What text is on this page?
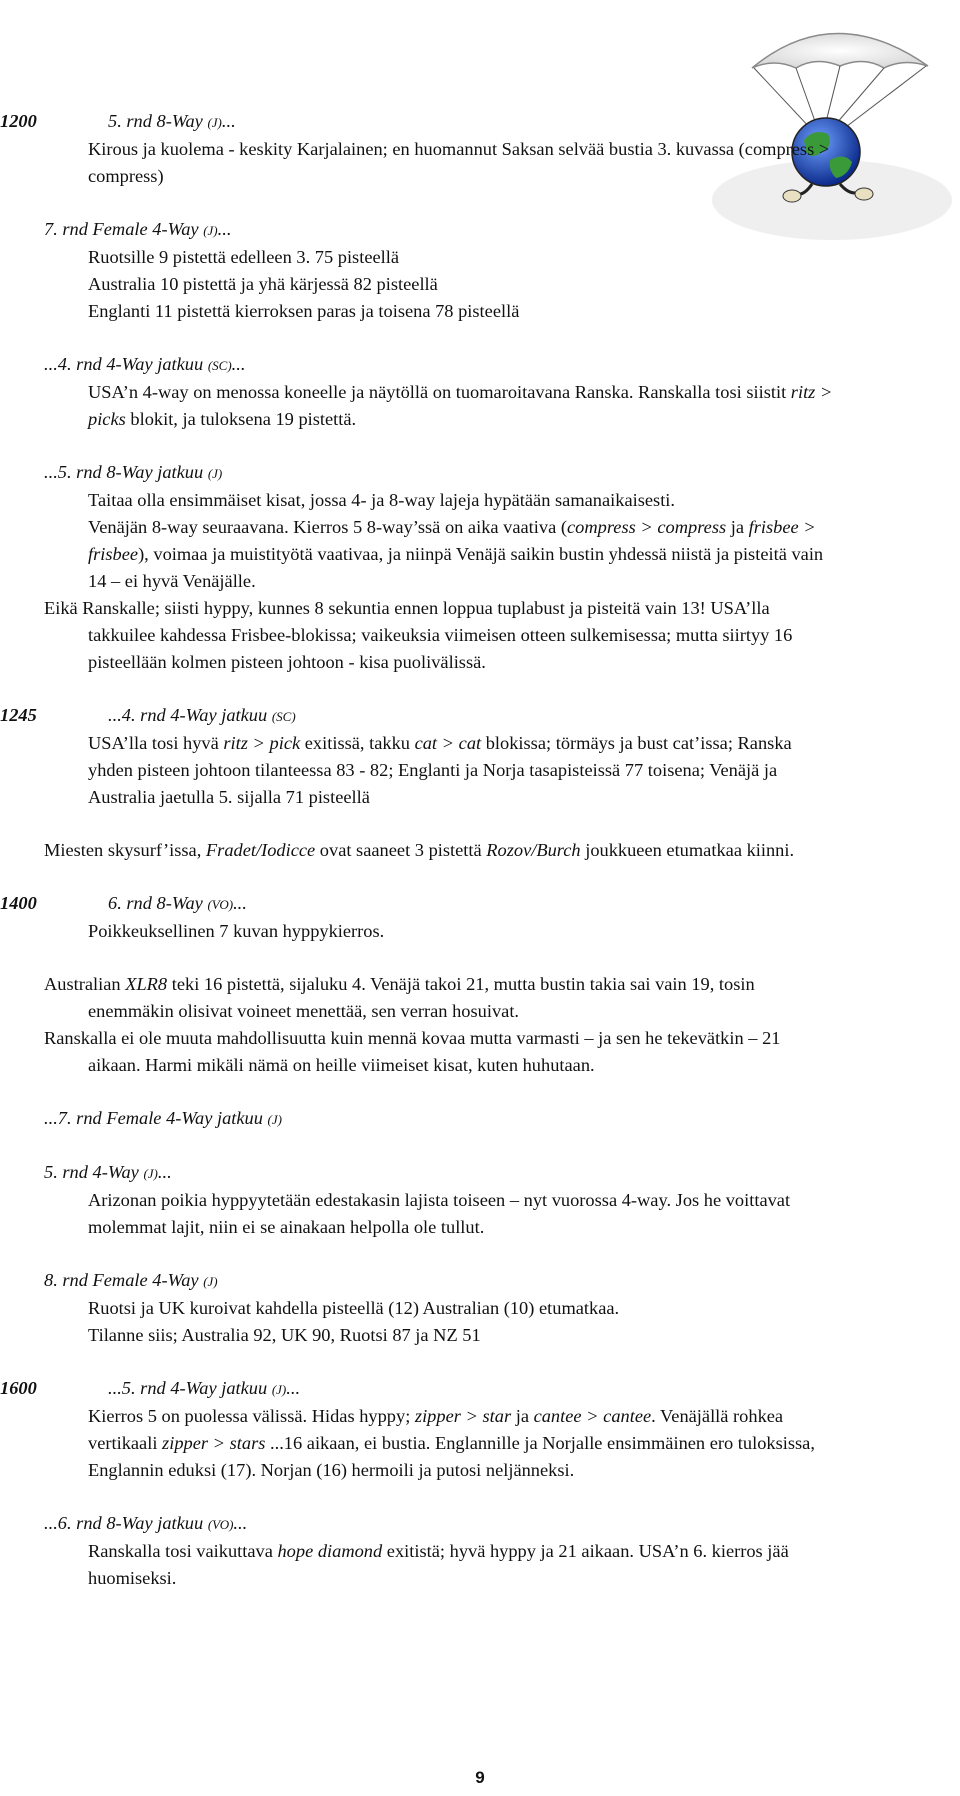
1200	5. rnd 8-Way (J)...
Kirous ja kuolema - keskity Karjalainen; en huomannut Saksan selvää bustia 3. kuvassa (compress > compress)

7. rnd Female 4-Way (J)...
Ruotsille 9 pistettä edelleen 3. 75 pisteellä
Australia 10 pistettä ja yhä kärjessä 82 pisteellä
Englanti 11 pistettä kierroksen paras ja toisena 78 pisteellä

...4. rnd 4-Way jatkuu (SC)...
USA’n 4-way on menossa koneelle ja näytöllä on tuomaroitavana Ranska. Ranskalla tosi siistit ritz > picks blokit, ja tuloksena 19 pistettä.

...5. rnd 8-Way jatkuu (J)
Taitaa olla ensimmäiset kisat, jossa 4- ja 8-way lajeja hypätään samanaikaisesti.
Venäjän 8-way seuraavana. Kierros 5 8-way’ssä on aika vaativa (compress > compress ja frisbee > frisbee), voimaa ja muistityötä vaativaa, ja niinpä Venäjä saikin bustin yhdessä niistä ja pisteitä vain 14 – ei hyvä Venäjälle.

Eikä Ranskalle; siisti hyppy, kunnes 8 sekuntia ennen loppua tuplabust ja pisteitä vain 13! USA’lla takkuilee kahdessa Frisbee-blokissa; vaikeuksia viimeisen otteen sulkemisessa; mutta siirtyy 16 pisteellään kolmen pisteen johtoon - kisa puolivälissä.

1245	...4. rnd 4-Way jatkuu (SC)
USA’lla tosi hyvä ritz > pick exitissä, takku cat > cat blokissa; törmäys ja bust cat’issa; Ranska yhden pisteen johtoon tilanteessa 83 - 82; Englanti ja Norja tasapisteissä 77 toisena; Venäjä ja Australia jaetulla 5. sijalla 71 pisteellä

Miesten skysurf’issa, Fradet/Iodicce ovat saaneet 3 pistettä Rozov/Burch joukkueen etumatkaa kiinni.

1400	6. rnd 8-Way (VO)...
Poikkeuksellinen 7 kuvan hyppykierros.

Australian XLR8 teki 16 pistettä, sijaluku 4. Venäjä takoi 21, mutta bustin takia sai vain 19, tosin enemmäkin olisivat voineet menettää, sen verran hosuivat.

Ranskalla ei ole muuta mahdollisuutta kuin mennä kovaa mutta varmasti – ja sen he tekevätkin – 21 aikaan. Harmi mikäli nämä on heille viimeiset kisat, kuten huhutaan.

...7. rnd Female 4-Way jatkuu (J)

5. rnd 4-Way (J)...
Arizonan poikia hyppyytetään edestakasin lajista toiseen – nyt vuorossa 4-way. Jos he voittavat molemmat lajit, niin ei se ainakaan helpolla ole tullut.

8. rnd Female 4-Way (J)
Ruotsi ja UK kuroivat kahdella pisteellä (12) Australian (10) etumatkaa.
Tilanne siis; Australia 92, UK 90, Ruotsi 87 ja NZ 51

1600	...5. rnd 4-Way jatkuu (J)...
Kierros 5 on puolessa välissä. Hidas hyppy; zipper > star ja cantee > cantee. Venäjällä rohkea vertikaali zipper > stars ...16 aikaan, ei bustia. Englannille ja Norjalle ensimmäinen ero tuloksissa, Englannin eduksi (17). Norjan (16) hermoili ja putosi neljänneksi.

...6. rnd 8-Way jatkuu (VO)...
Ranskalla tosi vaikuttava hope diamond exitistä; hyvä hyppy ja 21 aikaan. USA’n 6. kierros jää huomiseksi.

9
